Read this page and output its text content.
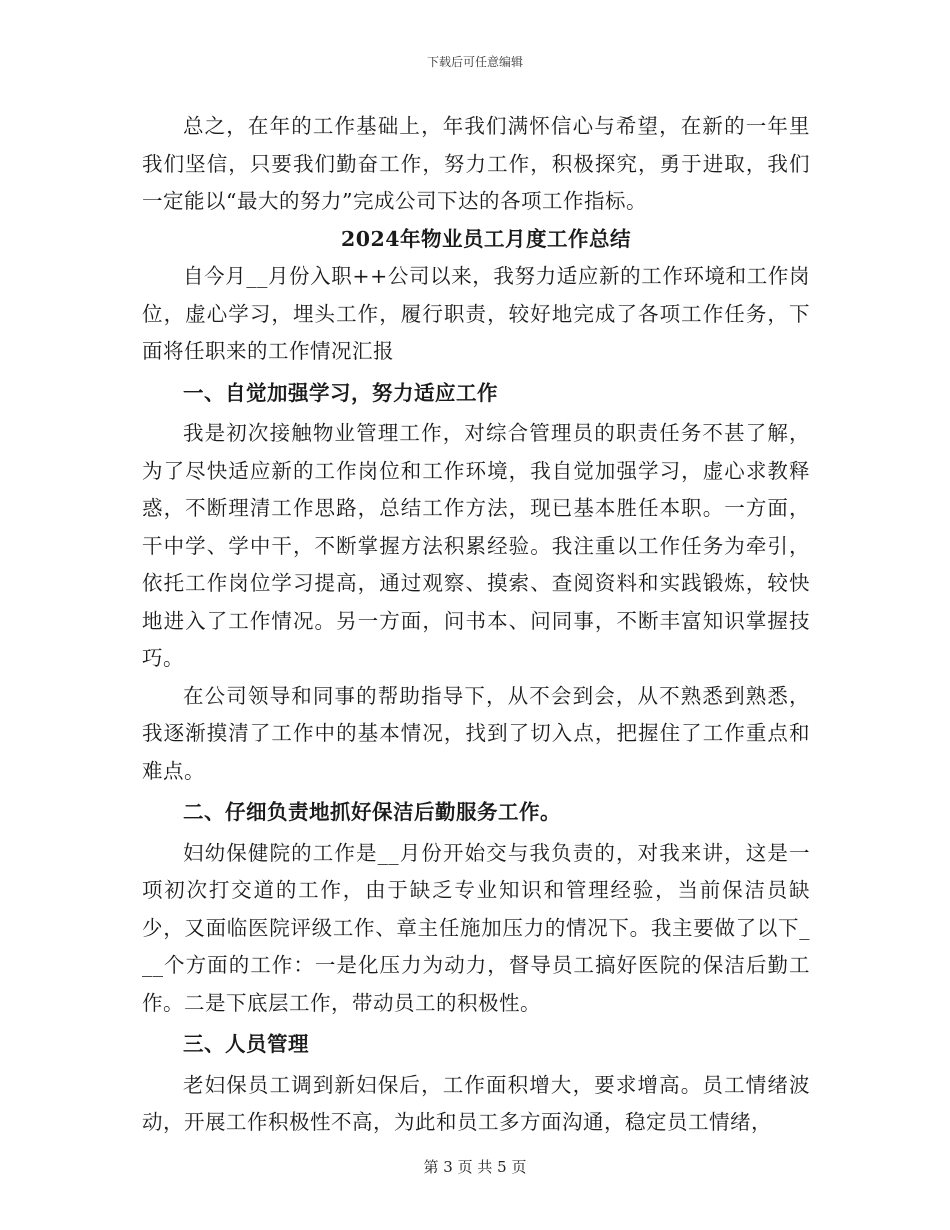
下载后可任意编辑

总之，在年的工作基础上，年我们满怀信心与希望，在新的一年里我们坚信，只要我们勤奋工作，努力工作，积极探究，勇于进取，我们一定能以“最大的努力”完成公司下达的各项工作指标。

2024年物业员工月度工作总结

自今月__月份入职++公司以来，我努力适应新的工作环境和工作岗位，虚心学习，埋头工作，履行职责，较好地完成了各项工作任务，下面将任职来的工作情况汇报

一、自觉加强学习，努力适应工作

我是初次接触物业管理工作，对综合管理员的职责任务不甚了解，为了尽快适应新的工作岗位和工作环境，我自觉加强学习，虚心求教释惑，不断理清工作思路，总结工作方法，现已基本胜任本职。一方面，干中学、学中干，不断掌握方法积累经验。我注重以工作任务为牵引，依托工作岗位学习提高，通过观察、摸索、查阅资料和实践锻炼，较快地进入了工作情况。另一方面，问书本、问同事，不断丰富知识掌握技巧。

在公司领导和同事的帮助指导下，从不会到会，从不熟悉到熟悉，我逐渐摸清了工作中的基本情况，找到了切入点，把握住了工作重点和难点。

二、仔细负责地抓好保洁后勤服务工作。

妇幼保健院的工作是__月份开始交与我负责的，对我来讲，这是一项初次打交道的工作，由于缺乏专业知识和管理经验，当前保洁员缺少，又面临医院评级工作、章主任施加压力的情况下。我主要做了以下___个方面的工作：一是化压力为动力，督导员工搞好医院的保洁后勤工作。二是下底层工作，带动员工的积极性。

三、人员管理

老妇保员工调到新妇保后，工作面积增大，要求增高。员工情绪波动，开展工作积极性不高，为此和员工多方面沟通，稳定员工情绪，

第 3 页 共 5 页
